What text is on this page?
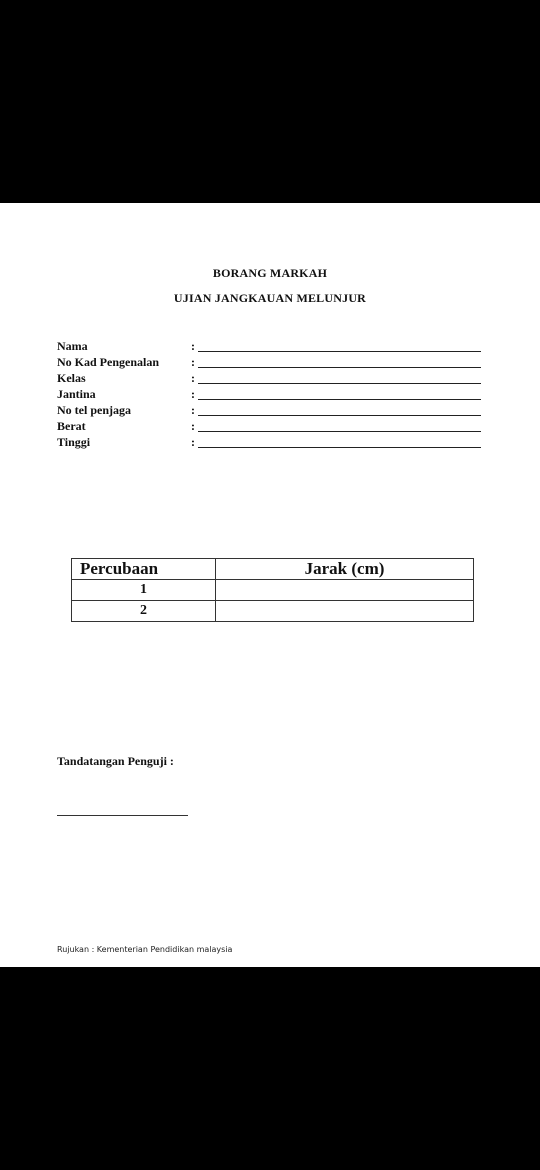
BORANG MARKAH
UJIAN JANGKAUAN MELUNJUR
Nama	:
No Kad Pengenalan	:
Kelas	:
Jantina	:
No tel penjaga	:
Berat	:
Tinggi	:
Percubaan	Jarak (cm)
1	
2	
Tandatangan Penguji :
Rujukan : Kementerian Pendidikan malaysia
